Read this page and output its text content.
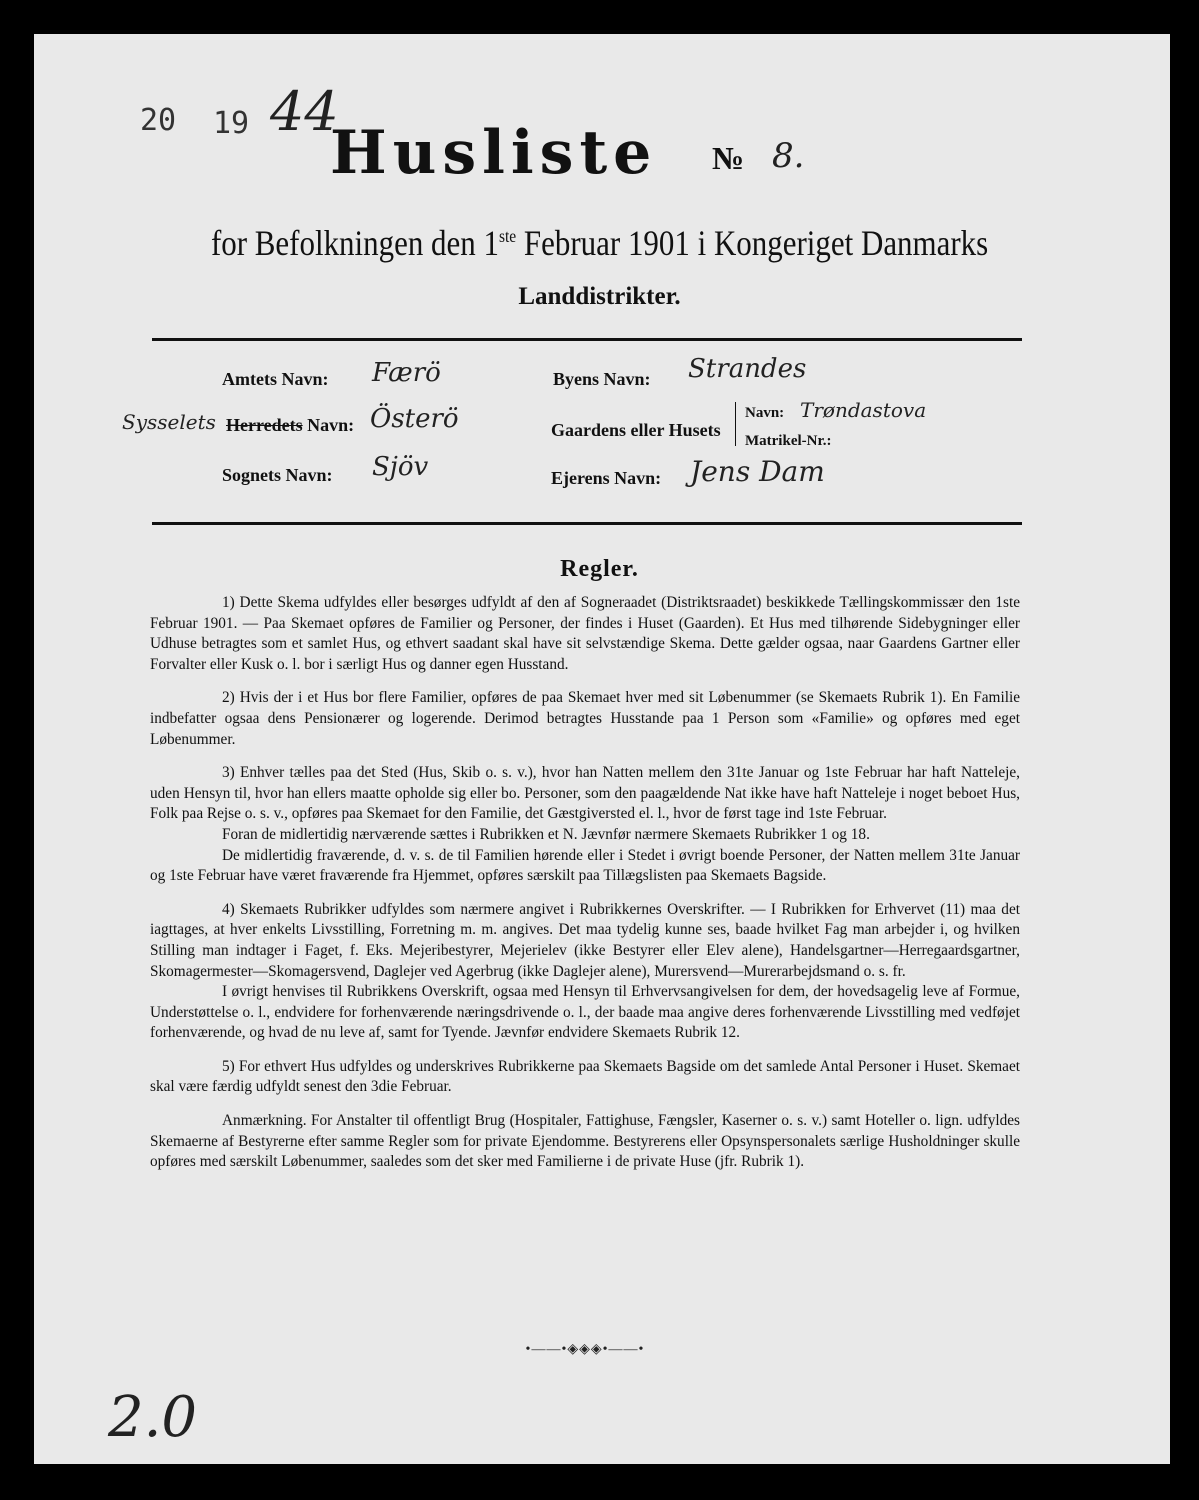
20 19 44
Husliste № 8.
for Befolkningen den 1ste Februar 1901 i Kongeriget Danmarks
Landdistrikter.
Amtets Navn: Færö
Sysselets Herredets Navn: Österö
Sognets Navn: Sjöv
Byens Navn: Strandes
Gaardens eller Husets
Navn: Trøndastova
Matrikel-Nr.:
Ejerens Navn: Jens Dam
Regler.

1) Dette Skema udfyldes eller besørges udfyldt af den af Sogneraadet (Distriktsraadet) beskikkede Tællingskommissær den 1ste Februar 1901. — Paa Skemaet opføres de Familier og Personer, der findes i Huset (Gaarden). Et Hus med tilhørende Sidebygninger eller Udhuse betragtes som et samlet Hus, og ethvert saadant skal have sit selvstændige Skema. Dette gælder ogsaa, naar Gaardens Gartner eller Forvalter eller Kusk o. l. bor i særligt Hus og danner egen Husstand.

2) Hvis der i et Hus bor flere Familier, opføres de paa Skemaet hver med sit Løbenummer (se Skemaets Rubrik 1). En Familie indbefatter ogsaa dens Pensionærer og logerende. Derimod betragtes Husstande paa 1 Person som «Familie» og opføres med eget Løbenummer.

3) Enhver tælles paa det Sted (Hus, Skib o. s. v.), hvor han Natten mellem den 31te Januar og 1ste Februar har haft Natteleje, uden Hensyn til, hvor han ellers maatte opholde sig eller bo. Personer, som den paagældende Nat ikke have haft Natteleje i noget beboet Hus, Folk paa Rejse o. s. v., opføres paa Skemaet for den Familie, det Gæstgiversted el. l., hvor de først tage ind 1ste Februar.

Foran de midlertidig nærværende sættes i Rubrikken et N. Jævnfør nærmere Skemaets Rubrikker 1 og 18.

De midlertidig fraværende, d. v. s. de til Familien hørende eller i Stedet i øvrigt boende Personer, der Natten mellem 31te Januar og 1ste Februar have været fraværende fra Hjemmet, opføres særskilt paa Tillægslisten paa Skemaets Bagside.

4) Skemaets Rubrikker udfyldes som nærmere angivet i Rubrikkernes Overskrifter. — I Rubrikken for Erhvervet (11) maa det iagttages, at hver enkelts Livsstilling, Forretning m. m. angives. Det maa tydelig kunne ses, baade hvilket Fag man arbejder i, og hvilken Stilling man indtager i Faget, f. Eks. Mejeribestyrer, Mejerielev (ikke Bestyrer eller Elev alene), Handelsgartner—Herregaardsgartner, Skomagermester—Skomagersvend, Daglejer ved Agerbrug (ikke Daglejer alene), Murersvend—Murerarbejdsmand o. s. fr.

I øvrigt henvises til Rubrikkens Overskrift, ogsaa med Hensyn til Erhvervsangivelsen for dem, der hovedsagelig leve af Formue, Understøttelse o. l., endvidere for forhenværende næringsdrivende o. l., der baade maa angive deres forhenværende Livsstilling med vedføjet forhenværende, og hvad de nu leve af, samt for Tyende. Jævnfør endvidere Skemaets Rubrik 12.

5) For ethvert Hus udfyldes og underskrives Rubrikkerne paa Skemaets Bagside om det samlede Antal Personer i Huset. Skemaet skal være færdig udfyldt senest den 3die Februar.

Anmærkning. For Anstalter til offentligt Brug (Hospitaler, Fattighuse, Fængsler, Kaserner o. s. v.) samt Hoteller o. lign. udfyldes Skemaerne af Bestyrerne efter samme Regler som for private Ejendomme. Bestyrerens eller Opsynspersonalets særlige Husholdninger skulle opføres med særskilt Løbenummer, saaledes som det sker med Familierne i de private Huse (jfr. Rubrik 1).

•——•◈◈◈•——•
2.0
